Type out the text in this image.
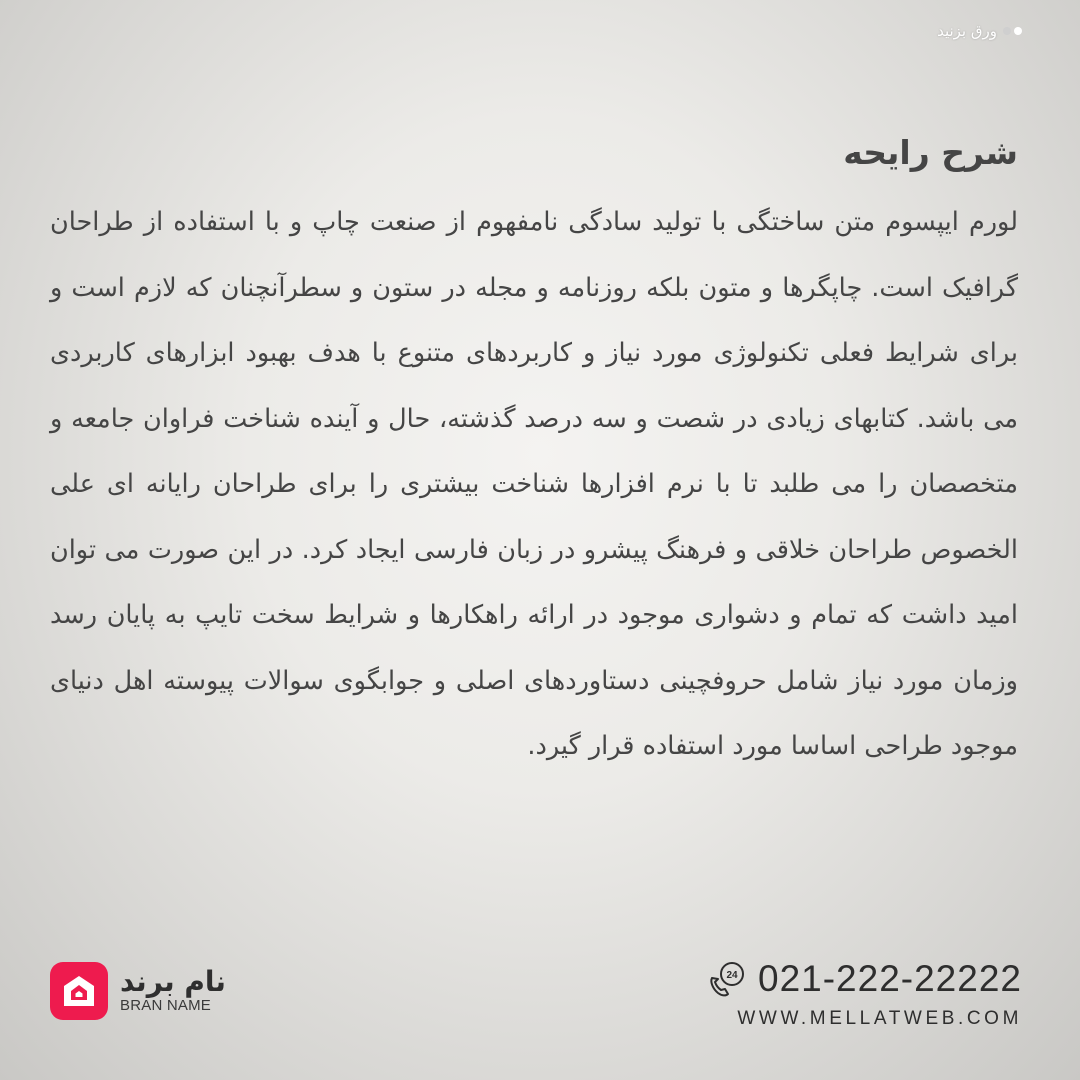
ورق بزنید
شرح رایحه

لورم ایپسوم متن ساختگی با تولید سادگی نامفهوم از صنعت چاپ و با استفاده از طراحان گرافیک است. چاپگرها و متون بلکه روزنامه و مجله در ستون و سطرآنچنان که لازم است و برای شرایط فعلی تکنولوژی مورد نیاز و کاربردهای متنوع با هدف بهبود ابزارهای کاربردی می باشد. کتابهای زیادی در شصت و سه درصد گذشته، حال و آینده شناخت فراوان جامعه و متخصصان را می طلبد تا با نرم افزارها شناخت بیشتری را برای طراحان رایانه ای علی الخصوص طراحان خلاقی و فرهنگ پیشرو در زبان فارسی ایجاد کرد. در این صورت می توان امید داشت که تمام و دشواری موجود در ارائه راهکارها و شرایط سخت تایپ به پایان رسد وزمان مورد نیاز شامل حروفچینی دستاوردهای اصلی و جوابگوی سوالات پیوسته اهل دنیای موجود طراحی اساسا مورد استفاده قرار گیرد.

نام برند
BRAN NAME
24 021-222-22222
WWW.MELLATWEB.COM
